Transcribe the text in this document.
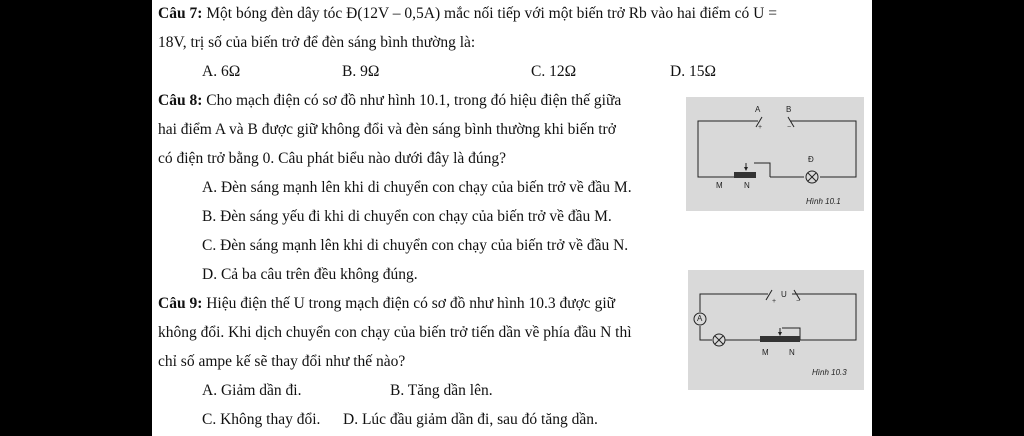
Câu 7: Một bóng đèn dây tóc Đ(12V – 0,5A) mắc nối tiếp với một biến trở Rb vào hai điểm có U =
18V, trị số của biến trở để đèn sáng bình thường là:
A. 6Ω	B. 9Ω	C. 12Ω	D. 15Ω
Câu 8: Cho mạch điện có sơ đồ như hình 10.1, trong đó hiệu điện thế giữa
hai điểm A và B được giữ không đổi và đèn sáng bình thường khi biến trở
có điện trở bằng 0. Câu phát biểu nào dưới đây là đúng?
A. Đèn sáng mạnh lên khi di chuyển con chạy của biến trở về đầu M.
B. Đèn sáng yếu đi khi di chuyển con chạy của biến trở về đầu M.
C. Đèn sáng mạnh lên khi di chuyển con chạy của biến trở về đầu N.
D. Cả ba câu trên đều không đúng.
+	−
A	B
Đ
M	N
Hình 10.1
Câu 9: Hiệu điện thế U trong mạch điện có sơ đồ như hình 10.3 được giữ
không đổi. Khi dịch chuyển con chạy của biến trở tiến dần về phía đầu N thì
chỉ số ampe kế sẽ thay đổi như thế nào?
A. Giảm dần đi.	B. Tăng dần lên.
C. Không thay đổi. D. Lúc đầu giảm dần đi, sau đó tăng dần.
+	−
U
A
M	N
Hình 10.3
